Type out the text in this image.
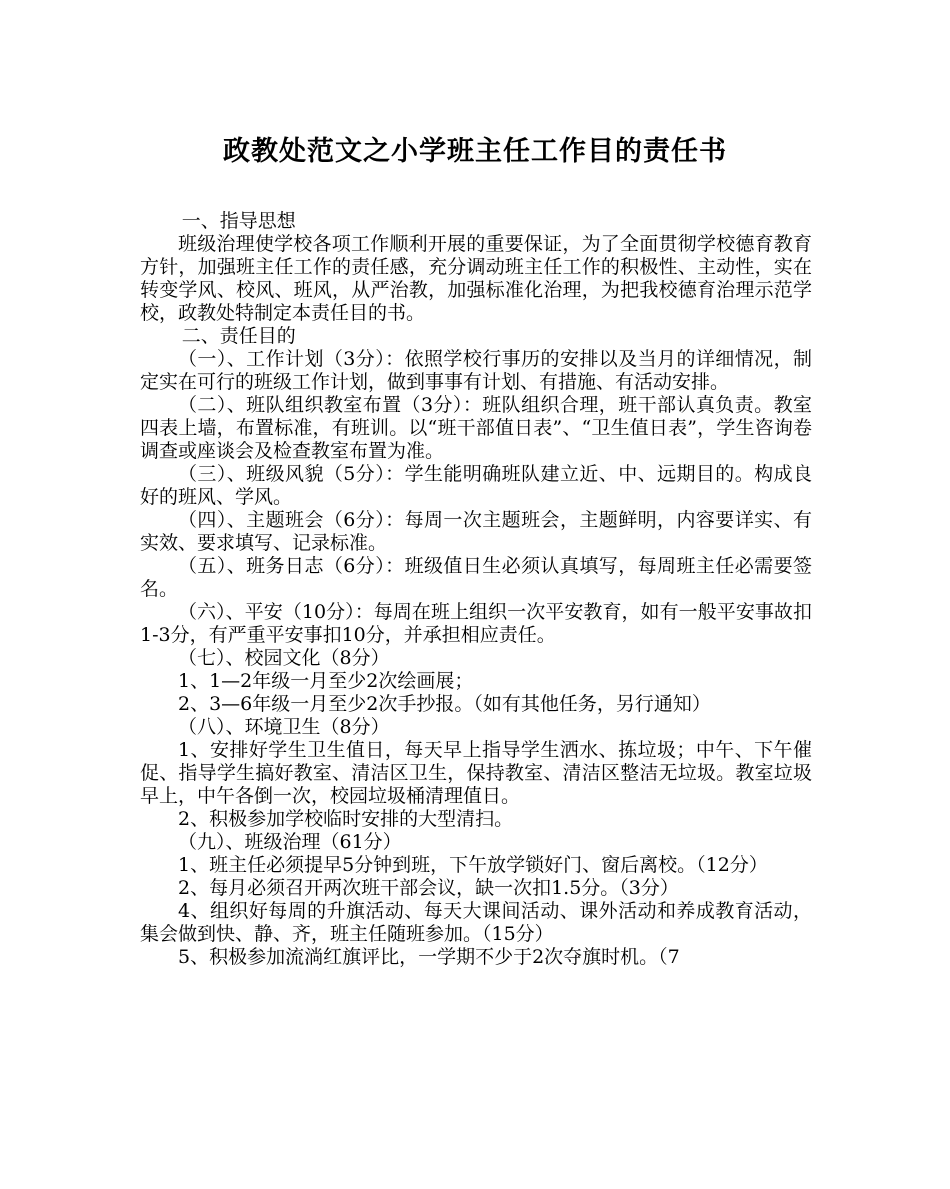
政教处范文之小学班主任工作目的责任书

一、指导思想

班级治理使学校各项工作顺利开展的重要保证，为了全面贯彻学校德育教育方针，加强班主任工作的责任感，充分调动班主任工作的积极性、主动性，实在转变学风、校风、班风，从严治教，加强标准化治理，为把我校德育治理示范学校，政教处特制定本责任目的书。

二、责任目的

（一）、工作计划（3分）：依照学校行事历的安排以及当月的详细情况，制定实在可行的班级工作计划，做到事事有计划、有措施、有活动安排。

（二）、班队组织教室布置（3分）：班队组织合理，班干部认真负责。教室四表上墙，布置标准，有班训。以“班干部值日表”、“卫生值日表”，学生咨询卷调查或座谈会及检查教室布置为准。

（三）、班级风貌（5分）：学生能明确班队建立近、中、远期目的。构成良好的班风、学风。

（四）、主题班会（6分）：每周一次主题班会，主题鲜明，内容要详实、有实效、要求填写、记录标准。

（五）、班务日志（6分）：班级值日生必须认真填写，每周班主任必需要签名。

（六）、平安（10分）：每周在班上组织一次平安教育，如有一般平安事故扣1-3分，有严重平安事扣10分，并承担相应责任。

（七）、校园文化（8分）

1、1—2年级一月至少2次绘画展；

2、3—6年级一月至少2次手抄报。（如有其他任务，另行通知）

（八）、环境卫生（8分）

1、安排好学生卫生值日，每天早上指导学生洒水、拣垃圾；中午、下午催促、指导学生搞好教室、清洁区卫生，保持教室、清洁区整洁无垃圾。教室垃圾早上，中午各倒一次，校园垃圾桶清理值日。

2、积极参加学校临时安排的大型清扫。

（九）、班级治理（61分）

1、班主任必须提早5分钟到班，下午放学锁好门、窗后离校。（12分）

2、每月必须召开两次班干部会议，缺一次扣1.5分。（3分）

4、组织好每周的升旗活动、每天大课间活动、课外活动和养成教育活动，集会做到快、静、齐，班主任随班参加。（15分）

5、积极参加流淌红旗评比，一学期不少于2次夺旗时机。（7
